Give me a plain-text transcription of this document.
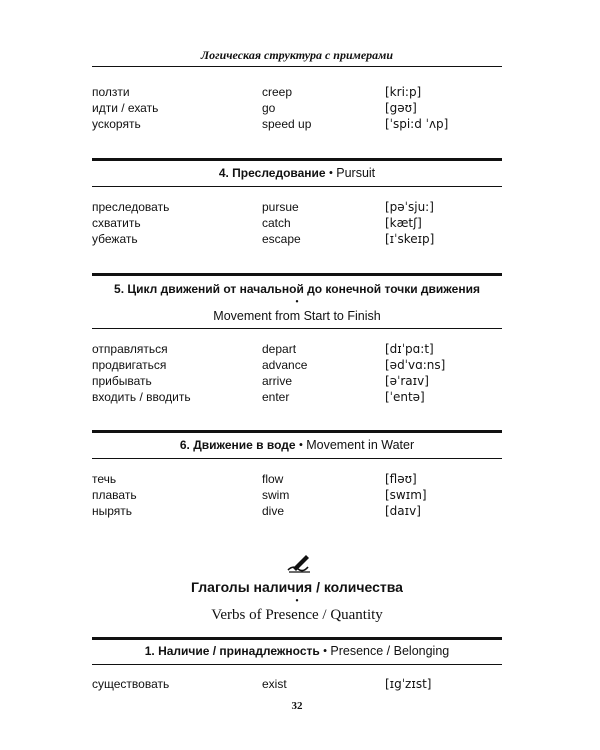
Логическая структура с примерами
ползти	creep	[kri:p]
идти / ехать	go	[gəʊ]
ускорять	speed up	[ˈspi:d ˈʌp]
4. Преследование • Pursuit
преследовать	pursue	[pəˈsju:]
схватить	catch	[kætʃ]
убежать	escape	[ɪˈskeɪp]
5. Цикл движений от начальной до конечной точки движения
•
Movement from Start to Finish
отправляться	depart	[dɪˈpɑ:t]
продвигаться	advance	[ədˈvɑ:ns]
прибывать	arrive	[əˈraɪv]
входить / вводить	enter	[ˈentə]
6. Движение в воде • Movement in Water
течь	flow	[fləʊ]
плавать	swim	[swɪm]
нырять	dive	[daɪv]
Глаголы наличия / количества
•
Verbs of Presence / Quantity
1. Наличие / принадлежность • Presence / Belonging
существовать	exist	[ɪgˈzɪst]
32
